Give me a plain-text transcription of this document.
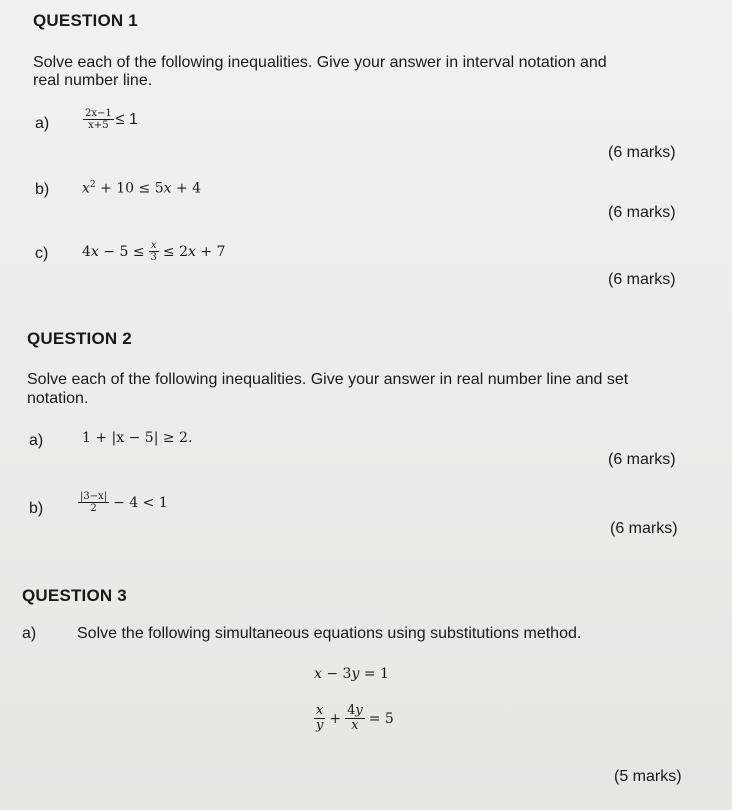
QUESTION 1
Solve each of the following inequalities. Give your answer in interval notation and
real number line.
a)	$\frac{2x-1}{x+5} \le 1$
(6 marks)
b) $x^2 + 10 \le 5x + 4$
(6 marks)
c) $4x - 5 \le \frac{x}{3} \le 2x + 7$
(6 marks)
QUESTION 2
Solve each of the following inequalities. Give your answer in real number line and set
notation.
a)	1 + |x − 5| ≥ 2.
(6 marks)
b)	$\frac{|3-x|}{2} - 4 < 1$
(6 marks)
QUESTION 3
a)	Solve the following simultaneous equations using substitutions method.
x − 3y = 1
$\frac{x}{y} + \frac{4y}{x} = 5$
(5 marks)
